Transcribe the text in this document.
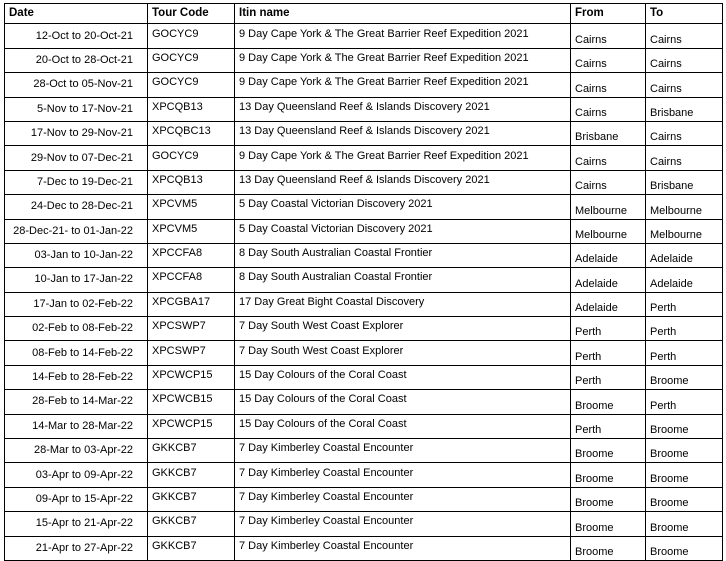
Date	Tour Code	Itin name	From	To
12-Oct to 20-Oct-21	GOCYC9	9 Day Cape York & The Great Barrier Reef Expedition 2021	Cairns	Cairns
20-Oct to 28-Oct-21	GOCYC9	9 Day Cape York & The Great Barrier Reef Expedition 2021	Cairns	Cairns
28-Oct to 05-Nov-21	GOCYC9	9 Day Cape York & The Great Barrier Reef Expedition 2021	Cairns	Cairns
5-Nov to 17-Nov-21	XPCQB13	13 Day Queensland Reef & Islands Discovery 2021	Cairns	Brisbane
17-Nov to 29-Nov-21	XPCQBC13	13 Day Queensland Reef & Islands Discovery 2021	Brisbane	Cairns
29-Nov to 07-Dec-21	GOCYC9	9 Day Cape York & The Great Barrier Reef Expedition 2021	Cairns	Cairns
7-Dec to 19-Dec-21	XPCQB13	13 Day Queensland Reef & Islands Discovery 2021	Cairns	Brisbane
24-Dec to 28-Dec-21	XPCVM5	5 Day Coastal Victorian Discovery 2021	Melbourne	Melbourne
28-Dec-21- to 01-Jan-22	XPCVM5	5 Day Coastal Victorian Discovery 2021	Melbourne	Melbourne
03-Jan to 10-Jan-22	XPCCFA8	8 Day South Australian Coastal Frontier	Adelaide	Adelaide
10-Jan to 17-Jan-22	XPCCFA8	8 Day South Australian Coastal Frontier	Adelaide	Adelaide
17-Jan to 02-Feb-22	XPCGBA17	17 Day Great Bight Coastal Discovery	Adelaide	Perth
02-Feb to 08-Feb-22	XPCSWP7	7 Day South West Coast Explorer	Perth	Perth
08-Feb to 14-Feb-22	XPCSWP7	7 Day South West Coast Explorer	Perth	Perth
14-Feb to 28-Feb-22	XPCWCP15	15 Day Colours of the Coral Coast	Perth	Broome
28-Feb to 14-Mar-22	XPCWCB15	15 Day Colours of the Coral Coast	Broome	Perth
14-Mar to 28-Mar-22	XPCWCP15	15 Day Colours of the Coral Coast	Perth	Broome
28-Mar to 03-Apr-22	GKKCB7	7 Day Kimberley Coastal Encounter	Broome	Broome
03-Apr to 09-Apr-22	GKKCB7	7 Day Kimberley Coastal Encounter	Broome	Broome
09-Apr to 15-Apr-22	GKKCB7	7 Day Kimberley Coastal Encounter	Broome	Broome
15-Apr to 21-Apr-22	GKKCB7	7 Day Kimberley Coastal Encounter	Broome	Broome
21-Apr to 27-Apr-22	GKKCB7	7 Day Kimberley Coastal Encounter	Broome	Broome
